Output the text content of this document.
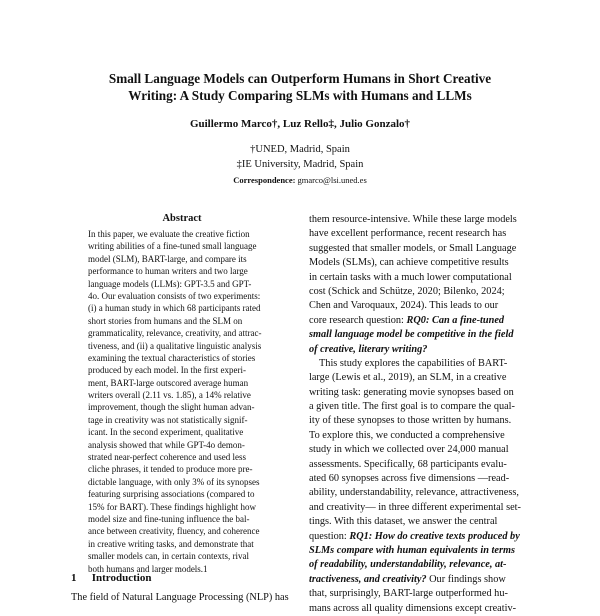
Small Language Models can Outperform Humans in Short Creative
Writing: A Study Comparing SLMs with Humans and LLMs
Guillermo Marco†, Luz Rello‡, Julio Gonzalo†
†UNED, Madrid, Spain
‡IE University, Madrid, Spain
Correspondence: gmarco@lsi.uned.es
Abstract
In this paper, we evaluate the creative fiction
writing abilities of a fine-tuned small language
model (SLM), BART-large, and compare its
performance to human writers and two large
language models (LLMs): GPT-3.5 and GPT-
4o. Our evaluation consists of two experiments:
(i) a human study in which 68 participants rated
short stories from humans and the SLM on
grammaticality, relevance, creativity, and attrac-
tiveness, and (ii) a qualitative linguistic analysis
examining the textual characteristics of stories
produced by each model. In the first experi-
ment, BART-large outscored average human
writers overall (2.11 vs. 1.85), a 14% relative
improvement, though the slight human advan-
tage in creativity was not statistically signif-
icant. In the second experiment, qualitative
analysis showed that while GPT-4o demon-
strated near-perfect coherence and used less
cliche phrases, it tended to produce more pre-
dictable language, with only 3% of its synopses
featuring surprising associations (compared to
15% for BART). These findings highlight how
model size and fine-tuning influence the bal-
ance between creativity, fluency, and coherence
in creative writing tasks, and demonstrate that
smaller models can, in certain contexts, rival
both humans and larger models.1
1 Introduction
The field of Natural Language Processing (NLP) has
them resource-intensive. While these large models
have excellent performance, recent research has
suggested that smaller models, or Small Language
Models (SLMs), can achieve competitive results
in certain tasks with a much lower computational
cost (Schick and Schütze, 2020; Bilenko, 2024;
Chen and Varoquaux, 2024). This leads to our
core research question: RQ0: Can a fine-tuned
small language model be competitive in the field
of creative, literary writing?
This study explores the capabilities of BART-
large (Lewis et al., 2019), an SLM, in a creative
writing task: generating movie synopses based on
a given title. The first goal is to compare the qual-
ity of these synopses to those written by humans.
To explore this, we conducted a comprehensive
study in which we collected over 24,000 manual
assessments. Specifically, 68 participants evalu-
ated 60 synopses across five dimensions —read-
ability, understandability, relevance, attractiveness,
and creativity— in three different experimental set-
tings. With this dataset, we answer the central
question: RQ1: How do creative texts produced by
SLMs compare with human equivalents in terms
of readability, understandability, relevance, at-
tractiveness, and creativity? Our findings show
that, surprisingly, BART-large outperformed hu-
mans across all quality dimensions except creativ-
